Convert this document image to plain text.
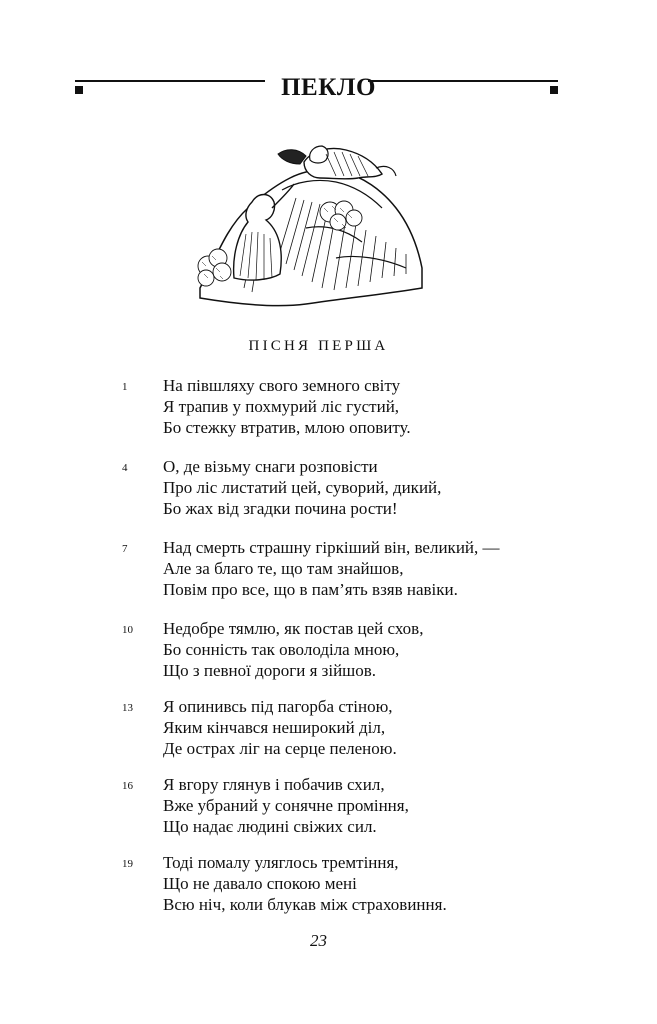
ПЕКЛО
ПІСНЯ ПЕРША
1	На півшляху свого земного світу
Я трапив у похмурий ліс густий,
Бо стежку втратив, млою оповиту.
4	О, де візьму снаги розповісти
Про ліс листатий цей, суворий, дикий,
Бо жах від згадки почина рости!
7	Над смерть страшну гіркіший він, великий, —
Але за благо те, що там знайшов,
Повім про все, що в пам’ять взяв навіки.
10	Недобре тямлю, як постав цей схов,
Бо сонність так оволоділа мною,
Що з певної дороги я зійшов.
13	Я опинивсь під пагорба стіною,
Яким кінчався неширокий діл,
Де острах ліг на серце пеленою.
16	Я вгору глянув і побачив схил,
Вже убраний у сонячне проміння,
Що надає людині свіжих сил.
19	Тоді помалу уляглось тремтіння,
Що не давало спокою мені
Всю ніч, коли блукав між страховиння.
23
